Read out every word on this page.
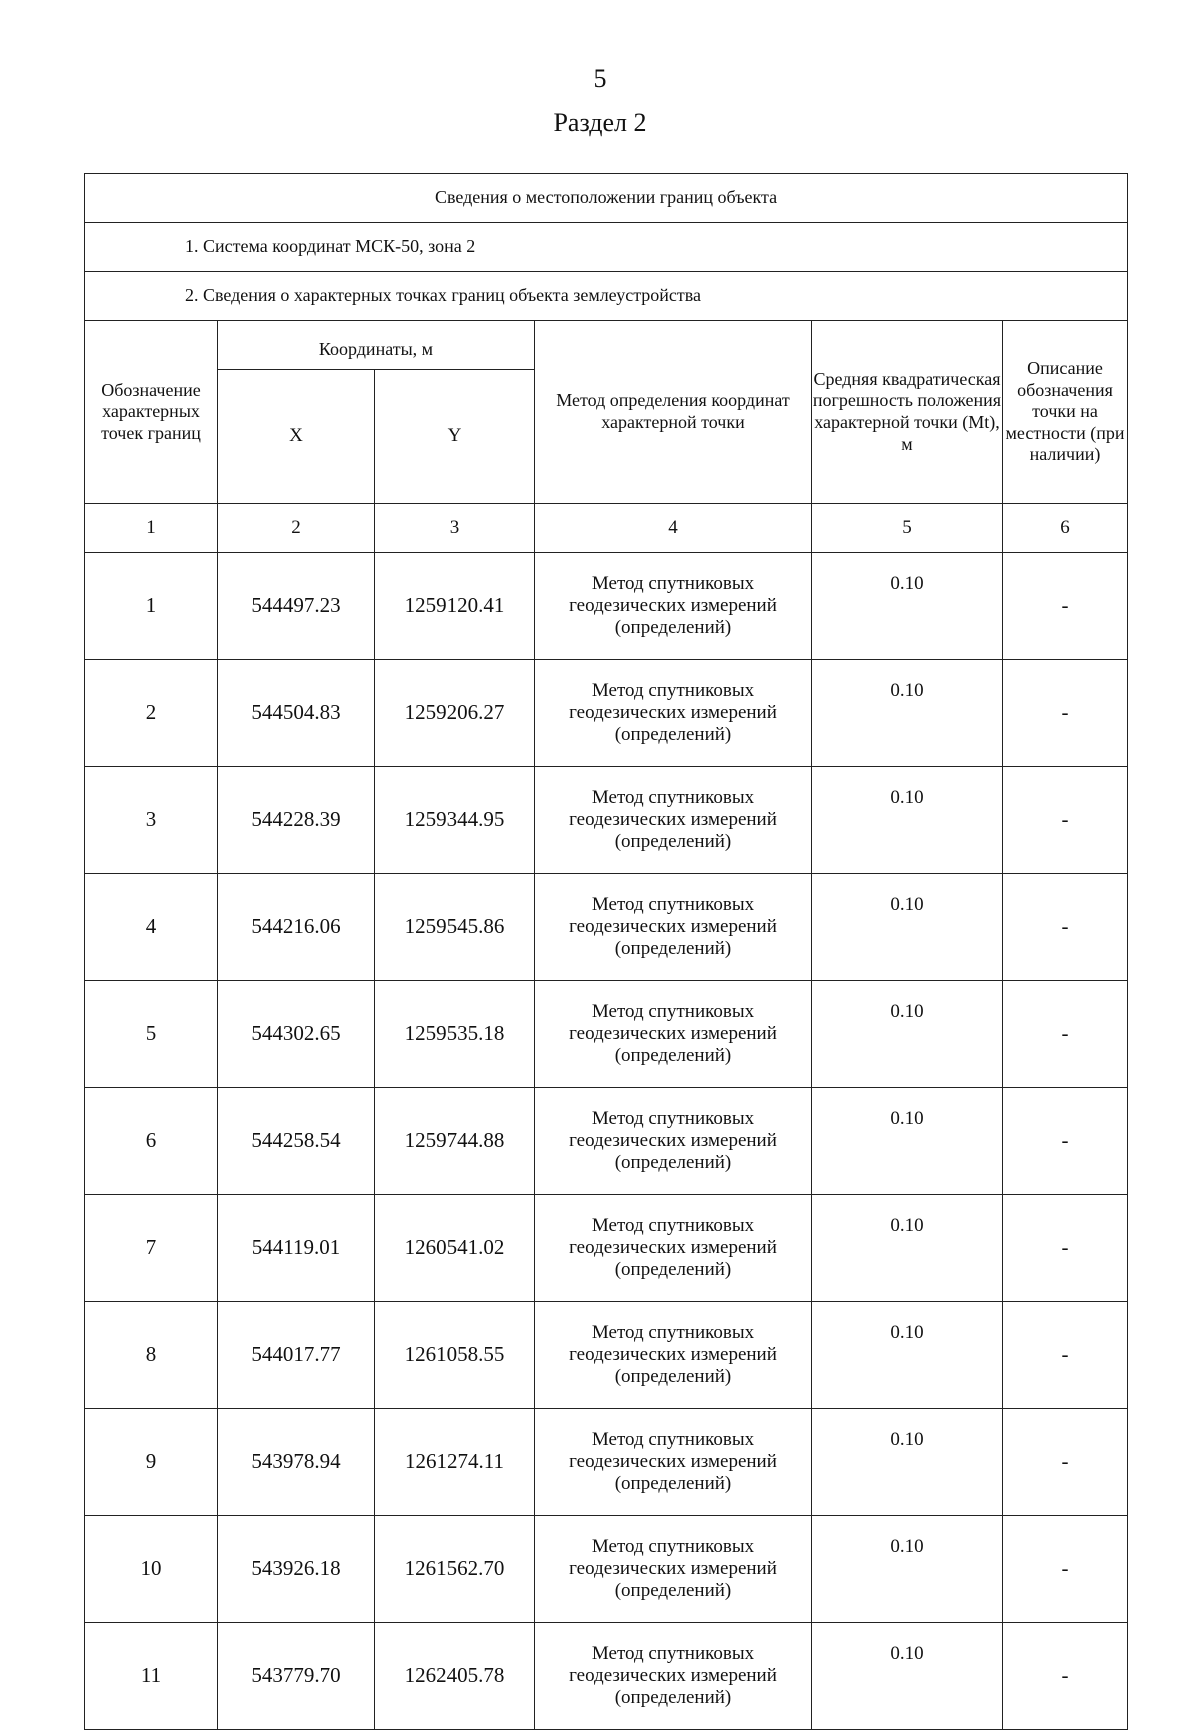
5
Раздел 2
Сведения о местоположении границ объекта					
1. Система координат МСК-50, зона 2					
2. Сведения о характерных точках границ объекта землеустройства					
Обозначение характерных точек границ	Координаты, м		Метод определения координат характерной точки	Средняя квадратическая погрешность положения характерной точки (Mt), м	Описание обозначения точки на местности (при наличии)
	X	Y			
1	2	3	4	5	6
1	544497.23	1259120.41	Метод спутниковых геодезических измерений (определений)	0.10	-
2	544504.83	1259206.27	Метод спутниковых геодезических измерений (определений)	0.10	-
3	544228.39	1259344.95	Метод спутниковых геодезических измерений (определений)	0.10	-
4	544216.06	1259545.86	Метод спутниковых геодезических измерений (определений)	0.10	-
5	544302.65	1259535.18	Метод спутниковых геодезических измерений (определений)	0.10	-
6	544258.54	1259744.88	Метод спутниковых геодезических измерений (определений)	0.10	-
7	544119.01	1260541.02	Метод спутниковых геодезических измерений (определений)	0.10	-
8	544017.77	1261058.55	Метод спутниковых геодезических измерений (определений)	0.10	-
9	543978.94	1261274.11	Метод спутниковых геодезических измерений (определений)	0.10	-
10	543926.18	1261562.70	Метод спутниковых геодезических измерений (определений)	0.10	-
11	543779.70	1262405.78	Метод спутниковых геодезических измерений (определений)	0.10	-
